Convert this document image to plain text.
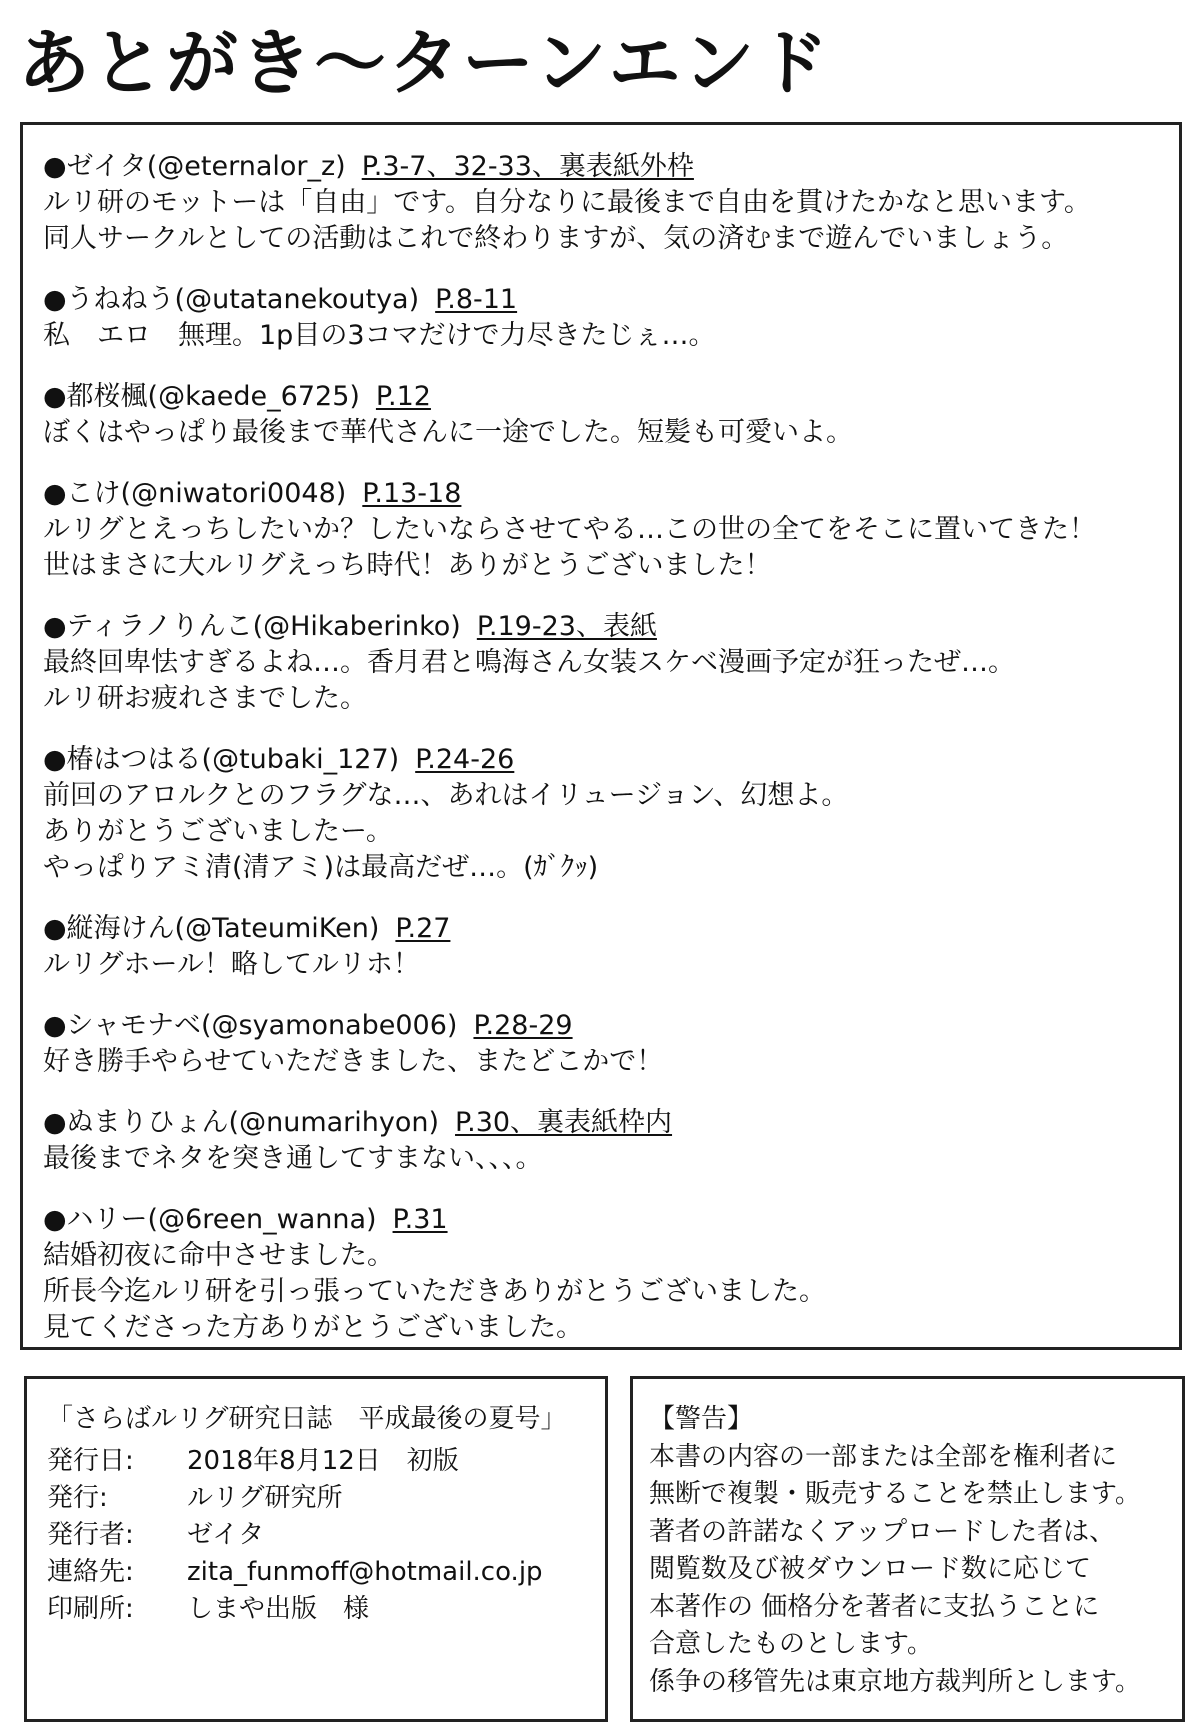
あとがき〜ターンエンド
●ゼイタ(@eternalor_z) P.3-7、32-33、裏表紙外枠
ルリ研のモットーは「自由」です。自分なりに最後まで自由を貫けたかなと思います。
同人サークルとしての活動はこれで終わりますが、気の済むまで遊んでいましょう。
●うねねう(@utatanekoutya) P.8-11
私　エロ　無理。1p目の3コマだけで力尽きたじぇ…。
●都桜楓(@kaede_6725) P.12
ぼくはやっぱり最後まで華代さんに一途でした。短髪も可愛いよ。
●こけ(@niwatori0048) P.13-18
ルリグとえっちしたいか？したいならさせてやる…この世の全てをそこに置いてきた！
世はまさに大ルリグえっち時代！ありがとうございました！
●ティラノりんこ(@Hikaberinko) P.19-23、表紙
最終回卑怯すぎるよね…。香月君と鳴海さん女装スケベ漫画予定が狂ったぜ…。
ルリ研お疲れさまでした。
●椿はつはる(@tubaki_127) P.24-26
前回のアロルクとのフラグな…、あれはイリュージョン、幻想よ。
ありがとうございましたー。
やっぱりアミ清(清アミ)は最高だぜ…。(ｶﾞｸｯ)
●縦海けん(@TateumiKen) P.27
ルリグホール！略してルリホ！
●シャモナベ(@syamonabe006) P.28-29
好き勝手やらせていただきました、またどこかで！
●ぬまりひょん(@numarihyon) P.30、裏表紙枠内
最後までネタを突き通してすまない、、、。
●ハリー(@6reen_wanna) P.31
結婚初夜に命中させました。
所長今迄ルリ研を引っ張っていただきありがとうございました。
見てくださった方ありがとうございました。
「さらばルリグ研究日誌　平成最後の夏号」
発行日:	2018年8月12日　初版
発行:	ルリグ研究所
発行者:	ゼイタ
連絡先:	zita_funmoff@hotmail.co.jp
印刷所:	しまや出版　様
【警告】
本書の内容の一部または全部を権利者に
無断で複製・販売することを禁止します。
著者の許諾なくアップロードした者は、
閲覧数及び被ダウンロード数に応じて
本著作の 価格分を著者に支払うことに
合意したものとします。
係争の移管先は東京地方裁判所とします。
